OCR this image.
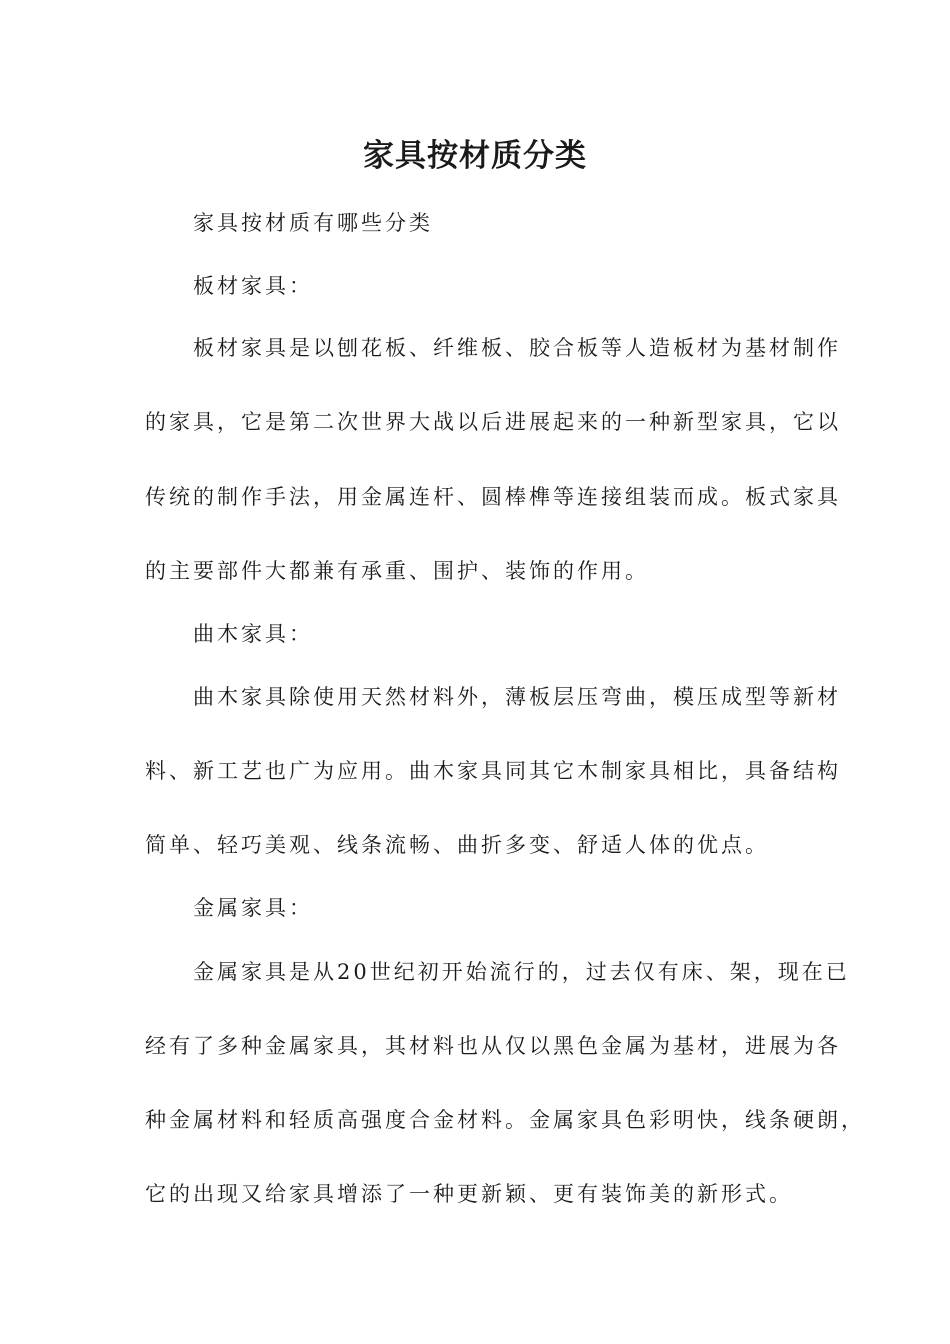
家具按材质分类

家具按材质有哪些分类

板材家具：

板材家具是以刨花板、纤维板、胶合板等人造板材为基材制作

的家具，它是第二次世界大战以后进展起来的一种新型家具，它以

传统的制作手法，用金属连杆、圆棒榫等连接组装而成。板式家具

的主要部件大都兼有承重、围护、装饰的作用。

曲木家具：

曲木家具除使用天然材料外，薄板层压弯曲，模压成型等新材

料、新工艺也广为应用。曲木家具同其它木制家具相比，具备结构

简单、轻巧美观、线条流畅、曲折多变、舒适人体的优点。

金属家具：

金属家具是从20世纪初开始流行的，过去仅有床、架，现在已

经有了多种金属家具，其材料也从仅以黑色金属为基材，进展为各

种金属材料和轻质高强度合金材料。金属家具色彩明快，线条硬朗，

它的出现又给家具增添了一种更新颖、更有装饰美的新形式。
